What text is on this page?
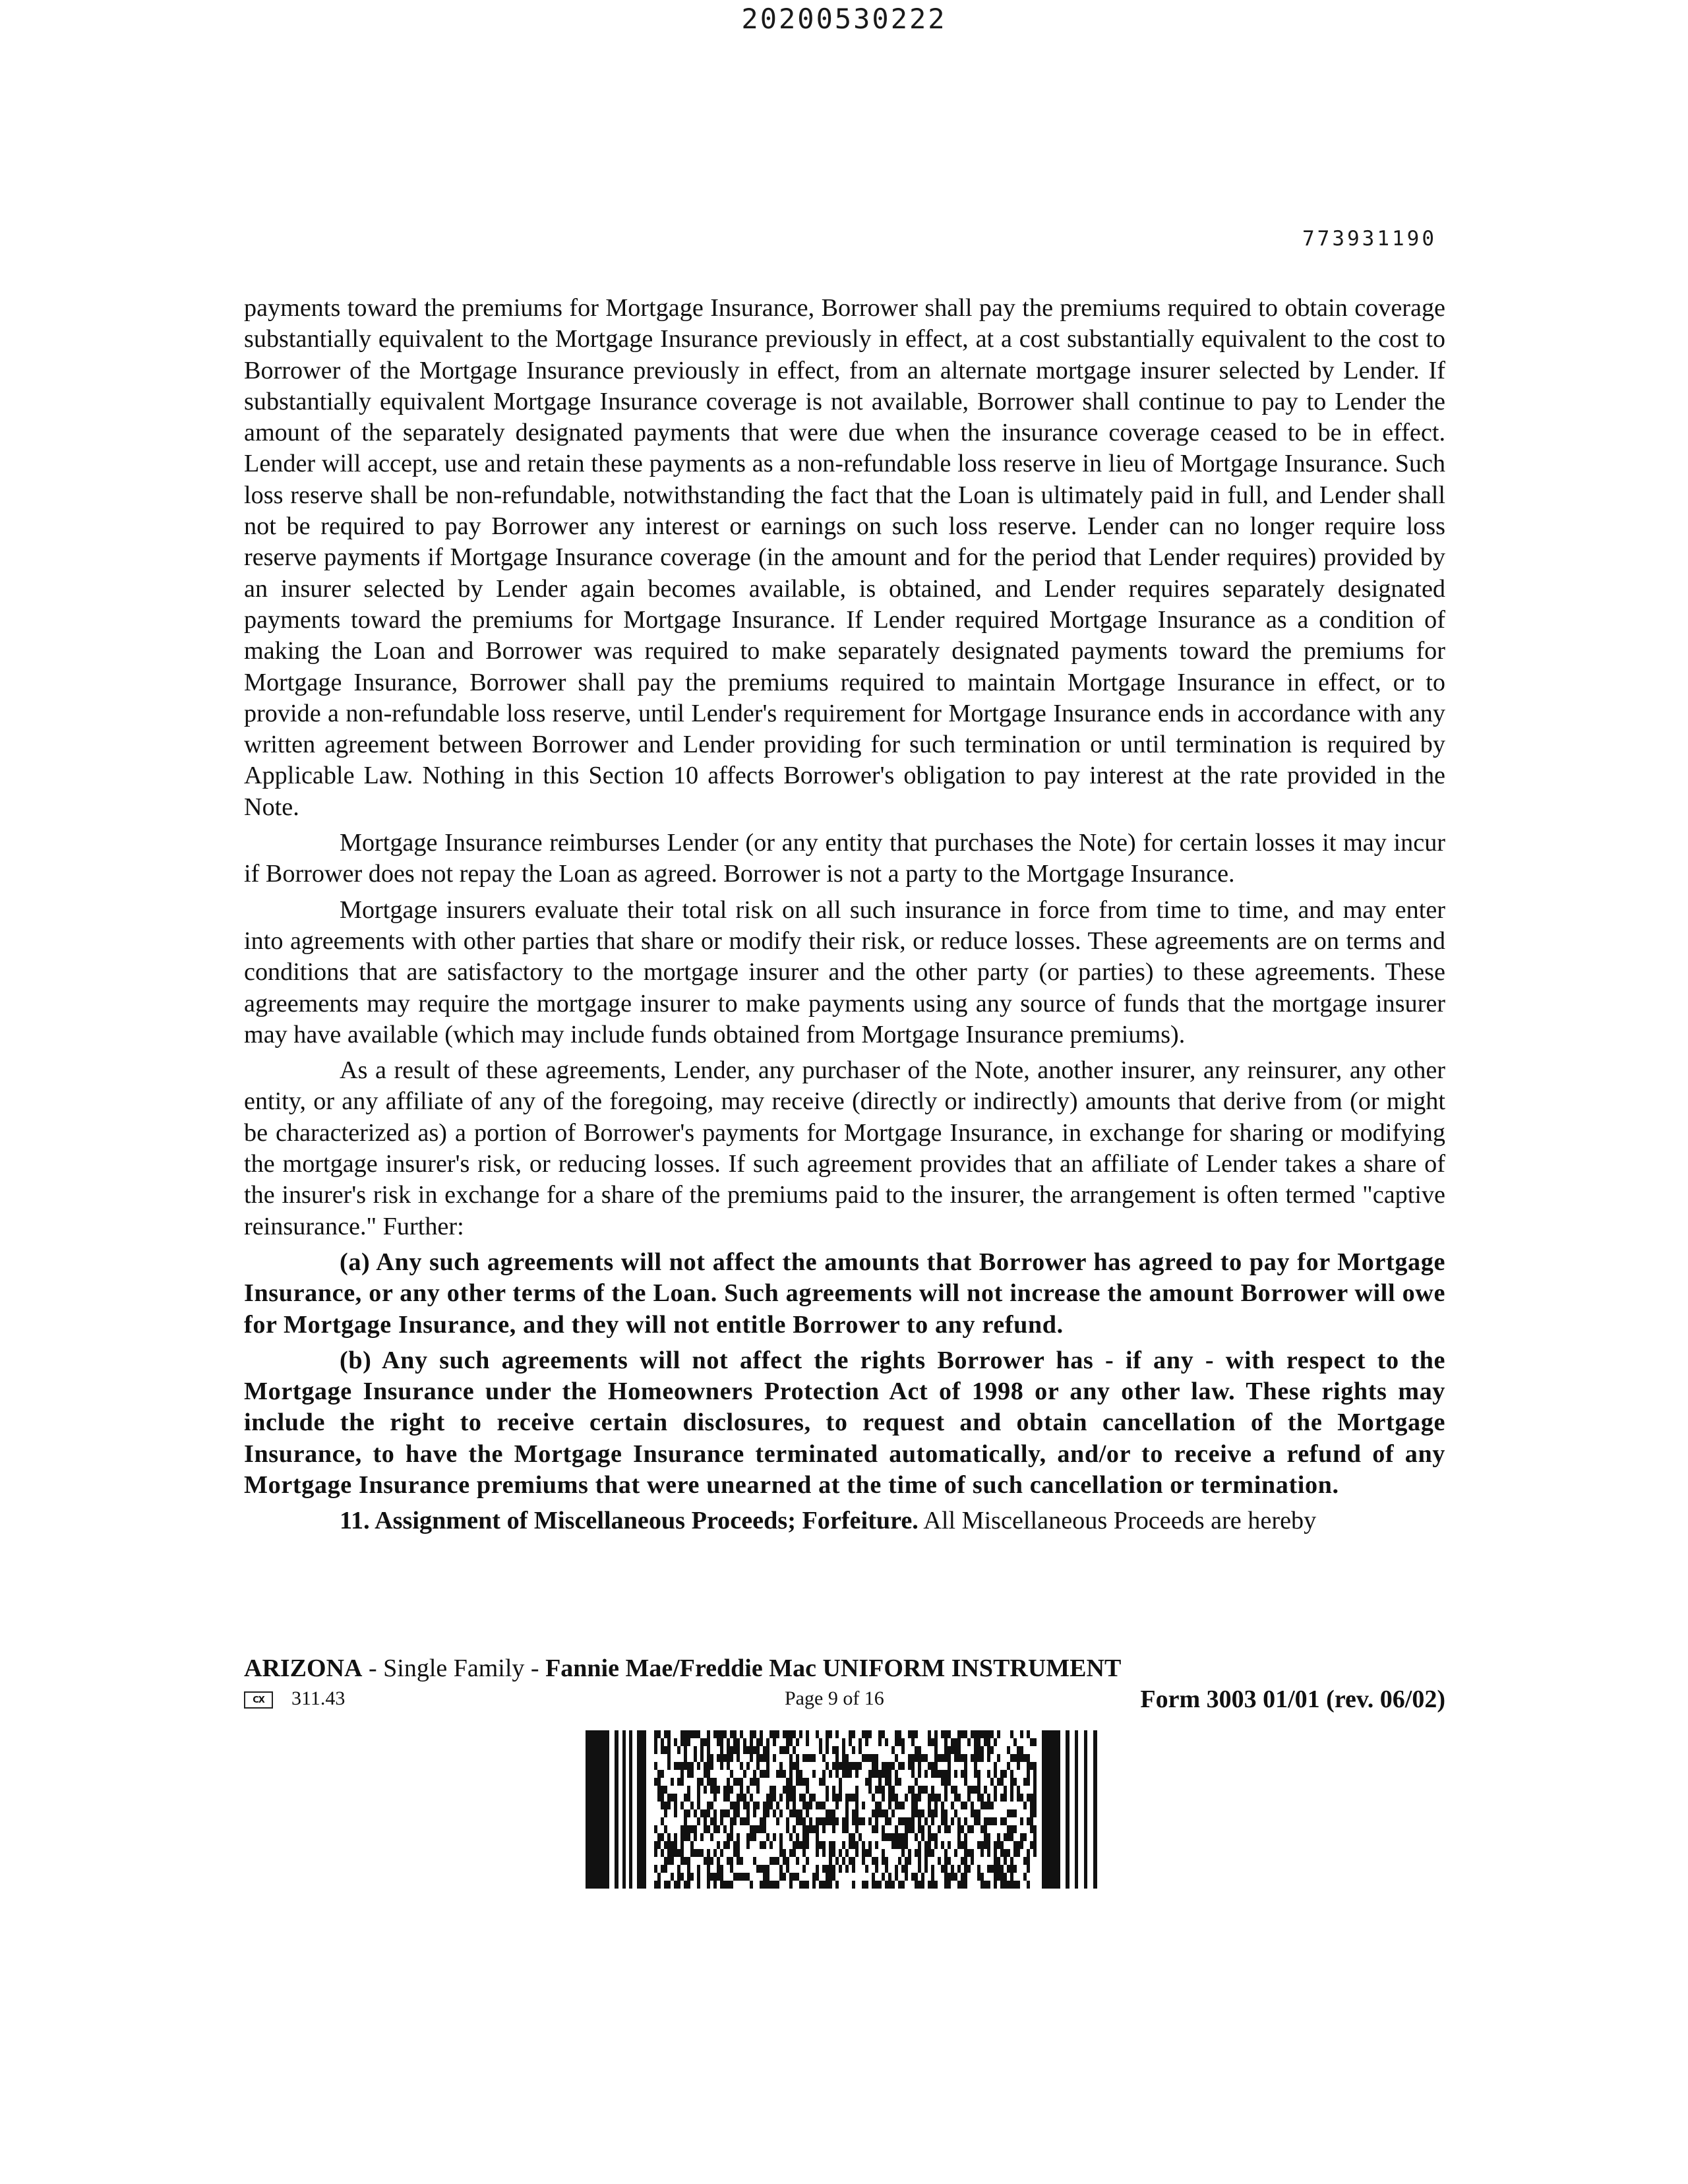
20200530222
773931190

payments toward the premiums for Mortgage Insurance, Borrower shall pay the premiums required to obtain coverage substantially equivalent to the Mortgage Insurance previously in effect, at a cost substantially equivalent to the cost to Borrower of the Mortgage Insurance previously in effect, from an alternate mortgage insurer selected by Lender. If substantially equivalent Mortgage Insurance coverage is not available, Borrower shall continue to pay to Lender the amount of the separately designated payments that were due when the insurance coverage ceased to be in effect. Lender will accept, use and retain these payments as a non-refundable loss reserve in lieu of Mortgage Insurance. Such loss reserve shall be non-refundable, notwithstanding the fact that the Loan is ultimately paid in full, and Lender shall not be required to pay Borrower any interest or earnings on such loss reserve. Lender can no longer require loss reserve payments if Mortgage Insurance coverage (in the amount and for the period that Lender requires) provided by an insurer selected by Lender again becomes available, is obtained, and Lender requires separately designated payments toward the premiums for Mortgage Insurance. If Lender required Mortgage Insurance as a condition of making the Loan and Borrower was required to make separately designated payments toward the premiums for Mortgage Insurance, Borrower shall pay the premiums required to maintain Mortgage Insurance in effect, or to provide a non-refundable loss reserve, until Lender's requirement for Mortgage Insurance ends in accordance with any written agreement between Borrower and Lender providing for such termination or until termination is required by Applicable Law. Nothing in this Section 10 affects Borrower's obligation to pay interest at the rate provided in the Note.

Mortgage Insurance reimburses Lender (or any entity that purchases the Note) for certain losses it may incur if Borrower does not repay the Loan as agreed. Borrower is not a party to the Mortgage Insurance.

Mortgage insurers evaluate their total risk on all such insurance in force from time to time, and may enter into agreements with other parties that share or modify their risk, or reduce losses. These agreements are on terms and conditions that are satisfactory to the mortgage insurer and the other party (or parties) to these agreements. These agreements may require the mortgage insurer to make payments using any source of funds that the mortgage insurer may have available (which may include funds obtained from Mortgage Insurance premiums).

As a result of these agreements, Lender, any purchaser of the Note, another insurer, any reinsurer, any other entity, or any affiliate of any of the foregoing, may receive (directly or indirectly) amounts that derive from (or might be characterized as) a portion of Borrower's payments for Mortgage Insurance, in exchange for sharing or modifying the mortgage insurer's risk, or reducing losses. If such agreement provides that an affiliate of Lender takes a share of the insurer's risk in exchange for a share of the premiums paid to the insurer, the arrangement is often termed "captive reinsurance." Further:

(a) Any such agreements will not affect the amounts that Borrower has agreed to pay for Mortgage Insurance, or any other terms of the Loan. Such agreements will not increase the amount Borrower will owe for Mortgage Insurance, and they will not entitle Borrower to any refund.

(b) Any such agreements will not affect the rights Borrower has - if any - with respect to the Mortgage Insurance under the Homeowners Protection Act of 1998 or any other law. These rights may include the right to receive certain disclosures, to request and obtain cancellation of the Mortgage Insurance, to have the Mortgage Insurance terminated automatically, and/or to receive a refund of any Mortgage Insurance premiums that were unearned at the time of such cancellation or termination.

11. Assignment of Miscellaneous Proceeds; Forfeiture. All Miscellaneous Proceeds are hereby

ARIZONA - Single Family - Fannie Mae/Freddie Mac UNIFORM INSTRUMENT
CX 311.43	Page 9 of 16	Form 3003 01/01 (rev. 06/02)
